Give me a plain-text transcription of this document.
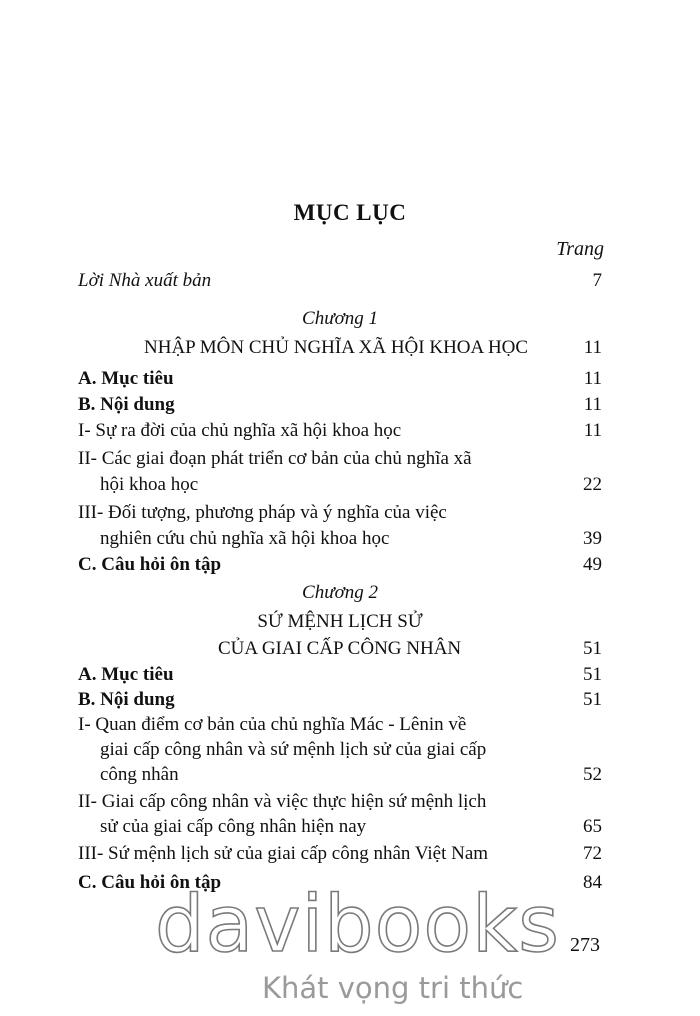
MỤC LỤC
Trang
Lời Nhà xuất bản	7
Chương 1
NHẬP MÔN CHỦ NGHĨA XÃ HỘI KHOA HỌC	11
A. Mục tiêu	11
B. Nội dung	11
I- Sự ra đời của chủ nghĩa xã hội khoa học	11
II- Các giai đoạn phát triển cơ bản của chủ nghĩa xã
hội khoa học	22
III- Đối tượng, phương pháp và ý nghĩa của việc
nghiên cứu chủ nghĩa xã hội khoa học	39
C. Câu hỏi ôn tập	49
Chương 2
SỨ MỆNH LỊCH SỬ
CỦA GIAI CẤP CÔNG NHÂN	51
A. Mục tiêu	51
B. Nội dung	51
I- Quan điểm cơ bản của chủ nghĩa Mác - Lênin về
giai cấp công nhân và sứ mệnh lịch sử của giai cấp
công nhân	52
II- Giai cấp công nhân và việc thực hiện sứ mệnh lịch
sử của giai cấp công nhân hiện nay	65
III- Sứ mệnh lịch sử của giai cấp công nhân Việt Nam	72
C. Câu hỏi ôn tập	84
davibooks 273
Khát vọng tri thức
